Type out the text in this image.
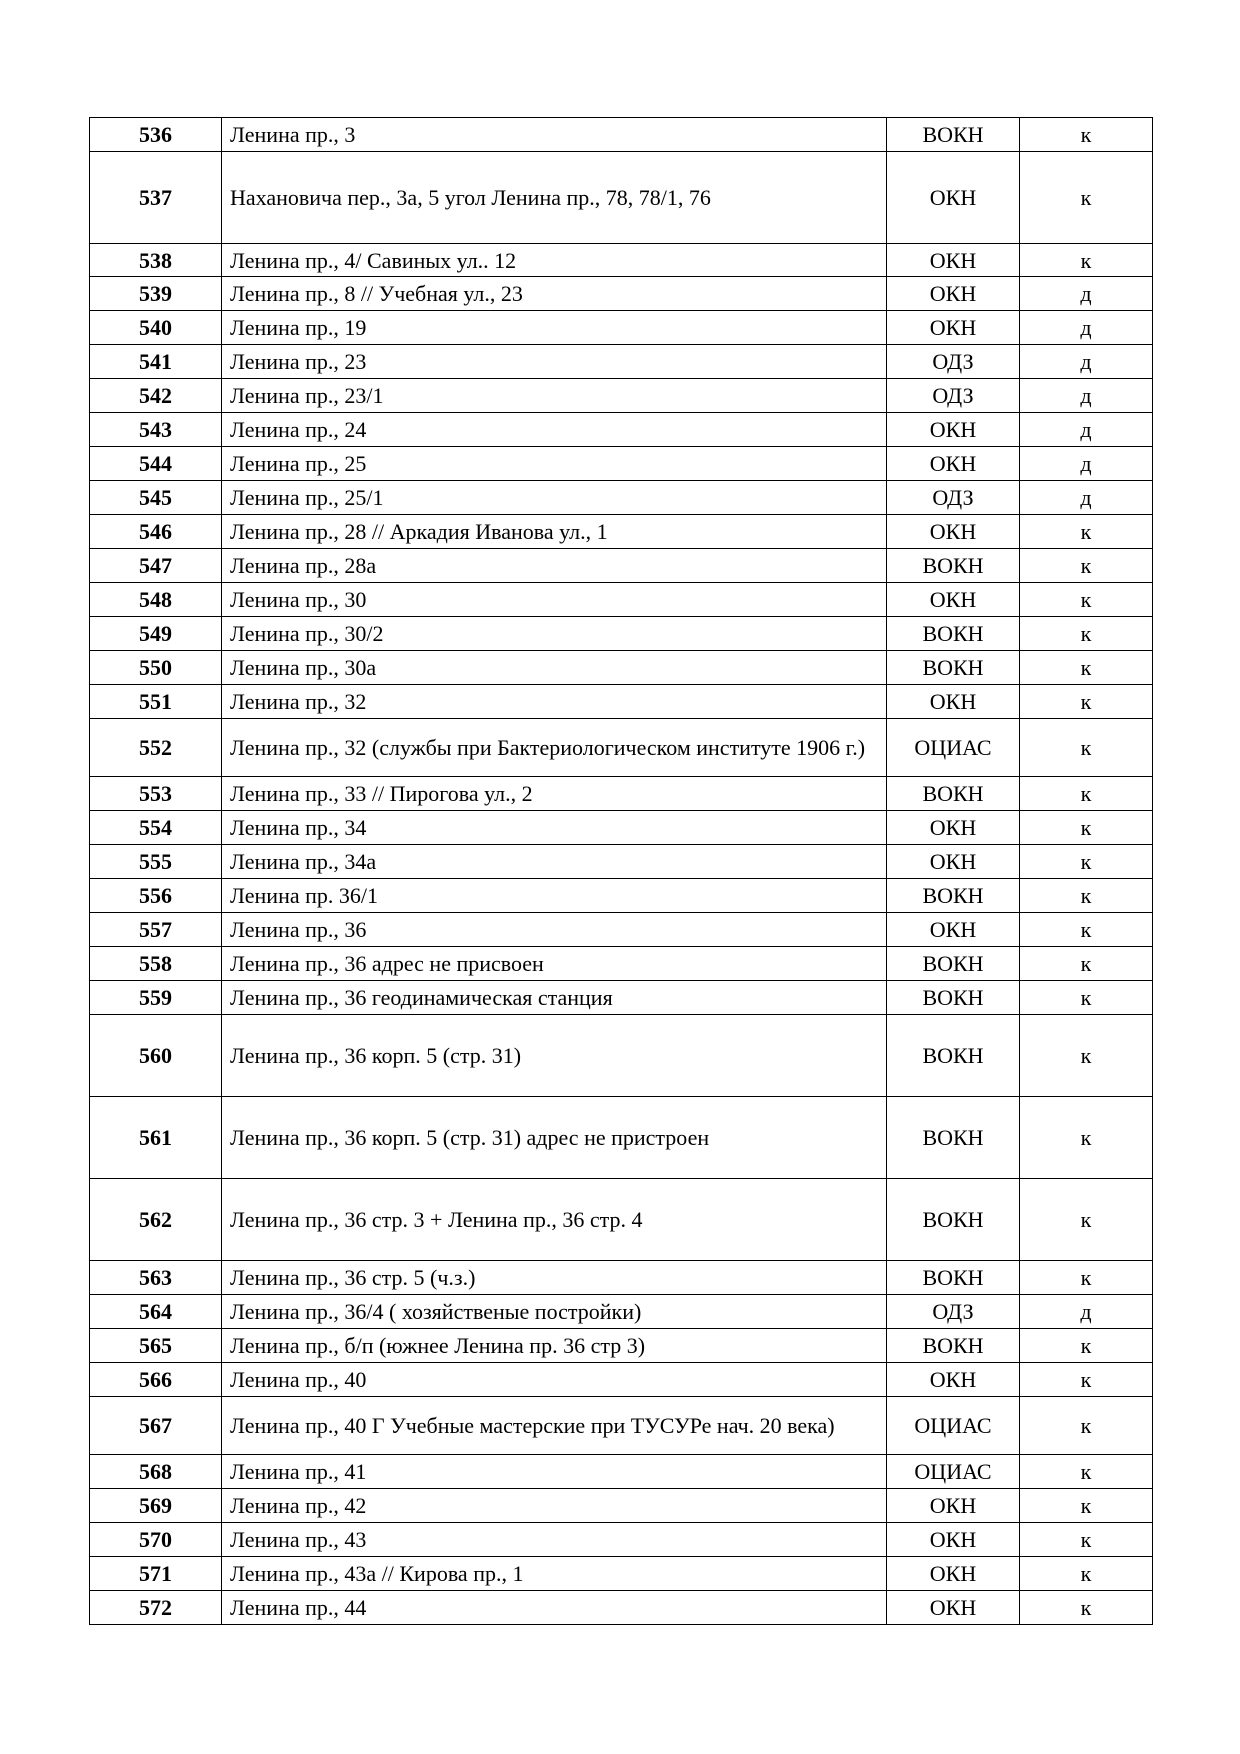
536	Ленина пр., 3	ВОКН	к
537	Нахановича пер., 3а, 5 угол Ленина пр., 78, 78/1, 76	ОКН	к
538	Ленина пр., 4/ Савиных ул.. 12	ОКН	к
539	Ленина пр., 8 // Учебная ул., 23	ОКН	д
540	Ленина пр., 19	ОКН	д
541	Ленина пр., 23	ОДЗ	д
542	Ленина пр., 23/1	ОДЗ	д
543	Ленина пр., 24	ОКН	д
544	Ленина пр., 25	ОКН	д
545	Ленина пр., 25/1	ОДЗ	д
546	Ленина пр., 28 // Аркадия Иванова ул., 1	ОКН	к
547	Ленина пр., 28а	ВОКН	к
548	Ленина пр., 30	ОКН	к
549	Ленина пр., 30/2	ВОКН	к
550	Ленина пр., 30а	ВОКН	к
551	Ленина пр., 32	ОКН	к
552	Ленина пр., 32 (службы при Бактериологическом институте 1906 г.)	ОЦИАС	к
553	Ленина пр., 33 // Пирогова ул., 2	ВОКН	к
554	Ленина пр., 34	ОКН	к
555	Ленина пр., 34а	ОКН	к
556	Ленина пр. 36/1	ВОКН	к
557	Ленина пр., 36	ОКН	к
558	Ленина пр., 36 адрес не присвоен	ВОКН	к
559	Ленина пр., 36 геодинамическая станция	ВОКН	к
560	Ленина пр., 36 корп. 5 (стр. 31)	ВОКН	к
561	Ленина пр., 36 корп. 5 (стр. 31) адрес не пристроен	ВОКН	к
562	Ленина пр., 36 стр. 3 + Ленина пр., 36 стр. 4	ВОКН	к
563	Ленина пр., 36 стр. 5 (ч.з.)	ВОКН	к
564	Ленина пр., 36/4 ( хозяйственые постройки)	ОДЗ	д
565	Ленина пр., б/п (южнее Ленина пр. 36 стр 3)	ВОКН	к
566	Ленина пр., 40	ОКН	к
567	Ленина пр., 40 Г Учебные мастерские при ТУСУРе нач. 20 века)	ОЦИАС	к
568	Ленина пр., 41	ОЦИАС	к
569	Ленина пр., 42	ОКН	к
570	Ленина пр., 43	ОКН	к
571	Ленина пр., 43а // Кирова пр., 1	ОКН	к
572	Ленина пр., 44	ОКН	к
